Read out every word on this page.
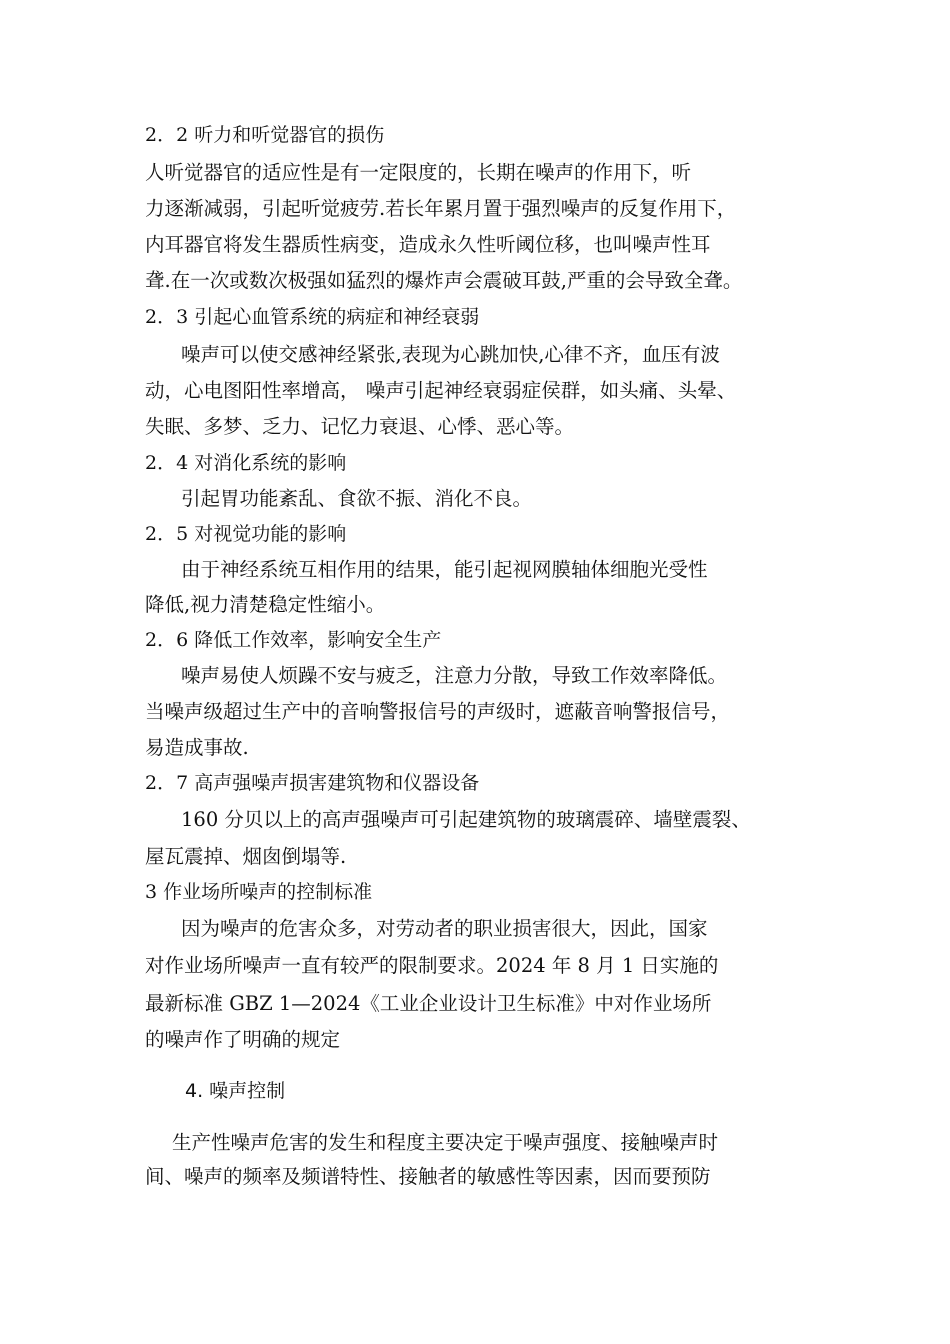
2．2 听力和听觉器官的损伤
人听觉器官的适应性是有一定限度的，长期在噪声的作用下，听
力逐渐减弱，引起听觉疲劳.若长年累月置于强烈噪声的反复作用下，
内耳器官将发生器质性病变，造成永久性听阈位移，也叫噪声性耳
聋.在一次或数次极强如猛烈的爆炸声会震破耳鼓,严重的会导致全聋。
2．3 引起心血管系统的病症和神经衰弱
噪声可以使交感神经紧张,表现为心跳加快,心律不齐，血压有波
动，心电图阳性率增高， 噪声引起神经衰弱症侯群，如头痛、头晕、
失眠、多梦、乏力、记忆力衰退、心悸、恶心等。
2．4 对消化系统的影响
引起胃功能紊乱、食欲不振、消化不良。
2．5 对视觉功能的影响
由于神经系统互相作用的结果，能引起视网膜轴体细胞光受性
降低,视力清楚稳定性缩小。
2．6 降低工作效率，影响安全生产
噪声易使人烦躁不安与疲乏，注意力分散，导致工作效率降低。
当噪声级超过生产中的音响警报信号的声级时，遮蔽音响警报信号，
易造成事故.
2．7 高声强噪声损害建筑物和仪器设备
160 分贝以上的高声强噪声可引起建筑物的玻璃震碎、墙壁震裂、
屋瓦震掉、烟囱倒塌等.
3 作业场所噪声的控制标准
因为噪声的危害众多，对劳动者的职业损害很大，因此，国家
对作业场所噪声一直有较严的限制要求。2024 年 8 月 1 日实施的
最新标准 GBZ 1—2024《工业企业设计卫生标准》中对作业场所
的噪声作了明确的规定
4. 噪声控制
生产性噪声危害的发生和程度主要决定于噪声强度、接触噪声时
间、噪声的频率及频谱特性、接触者的敏感性等因素，因而要预防
